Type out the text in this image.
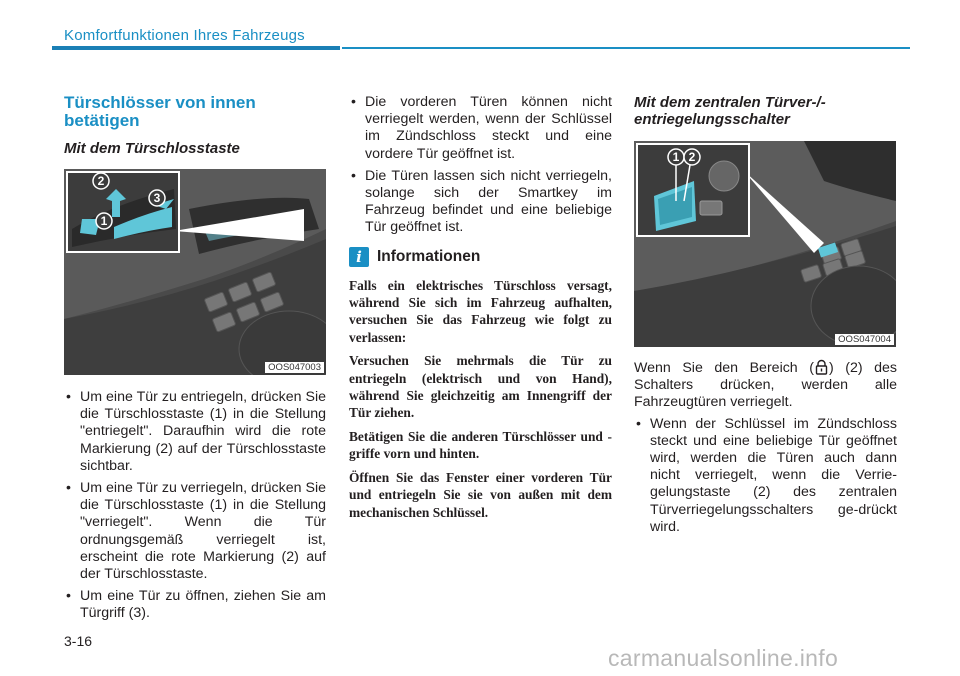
Komfortfunktionen Ihres Fahrzeugs
Türschlösser von innen betätigen
Mit dem Türschlosstaste
2
1
3
OOS047003
• Um eine Tür zu entriegeln, drücken Sie die Türschlosstaste (1) in die Stellung "entriegelt". Daraufhin wird die rote Markierung (2) auf der Türschlosstaste sichtbar.
• Um eine Tür zu verriegeln, drücken Sie die Türschlosstaste (1) in die Stellung "verriegelt". Wenn die Tür ordnungsgemäß verriegelt ist, erscheint die rote Markierung (2) auf der Türschlosstaste.
• Um eine Tür zu öffnen, ziehen Sie am Türgriff (3).
• Die vorderen Türen können nicht verriegelt werden, wenn der Schlüssel im Zündschloss steckt und eine vordere Tür geöffnet ist.
• Die Türen lassen sich nicht verriegeln, solange sich der Smartkey im Fahrzeug befindet und eine beliebige Tür geöffnet ist.
i Informationen

Falls ein elektrisches Türschloss versagt, während Sie sich im Fahrzeug aufhalten, versuchen Sie das Fahrzeug wie folgt zu verlassen:

Versuchen Sie mehrmals die Tür zu entriegeln (elektrisch und von Hand), während Sie gleichzeitig am Innengriff der Tür ziehen.

Betätigen Sie die anderen Türschlösser und -griffe vorn und hinten.

Öffnen Sie das Fenster einer vorderen Tür und entriegeln Sie sie von außen mit dem mechanischen Schlüssel.

Mit dem zentralen Türver-/-entriegelungsschalter
1 2
OOS047004

Wenn Sie den Bereich ( ) (2) des Schalters drücken, werden alle Fahrzeugtüren verriegelt.

• Wenn der Schlüssel im Zündschloss steckt und eine beliebige Tür geöffnet wird, werden die Türen auch dann nicht verriegelt, wenn die Verrie-gelungstaste (2) des zentralen Türverriegelungsschalters ge-drückt wird.
3-16
carmanualsonline.info
